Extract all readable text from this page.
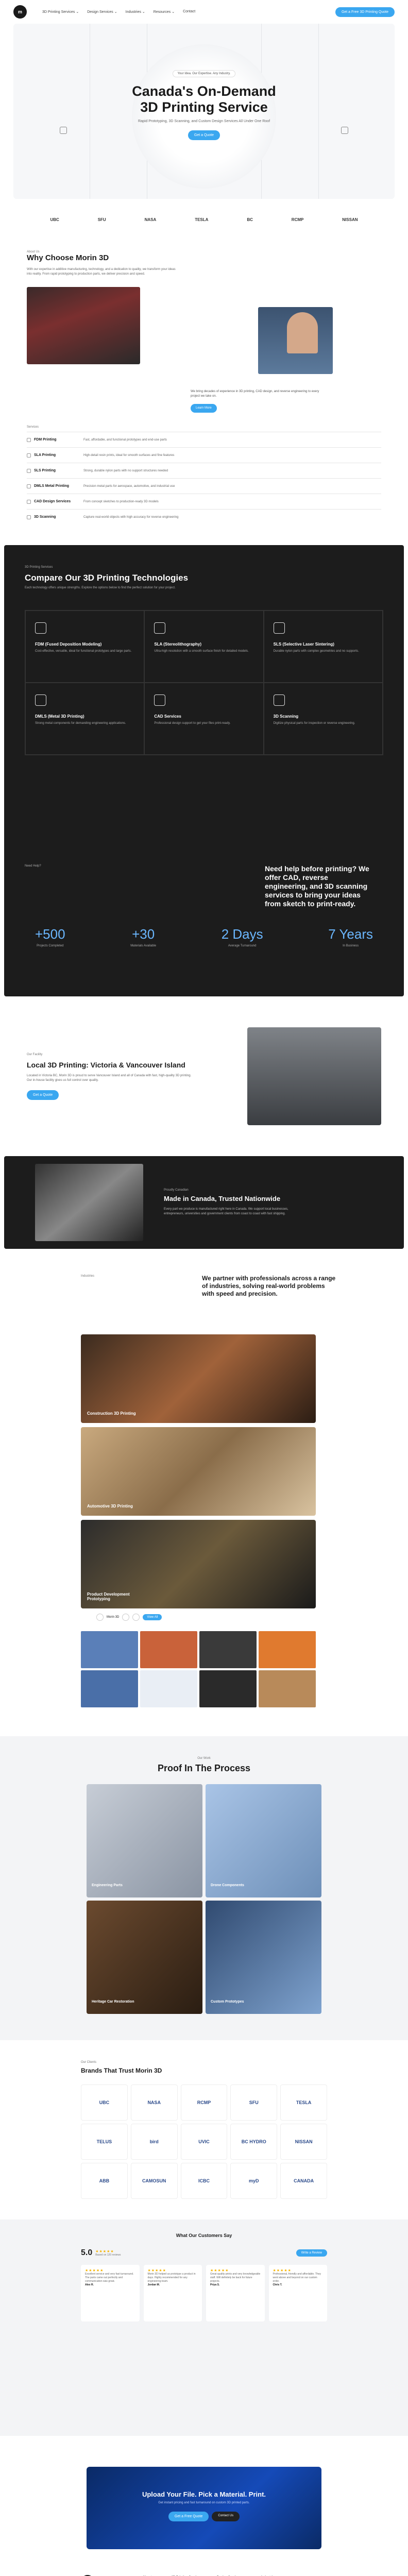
m	3D Printing Services ⌄ Design Services ⌄ Industries ⌄ Resources ⌄ Contact	Get a Free 3D Printing Quote
Your Idea. Our Expertise. Any Industry.
Canada's On-Demand
3D Printing Service

Rapid Prototyping, 3D Scanning, and Custom Design Services All Under One Roof

Get a Quote
UBC	SFU	NASA	TESLA	BC	RCMP	NISSAN
About Us
Why Choose Morin 3D

With our expertise in additive manufacturing, technology, and a dedication to quality, we transform your ideas into reality. From rapid prototyping to production parts, we deliver precision and speed.

We bring decades of experience in 3D printing, CAD design, and reverse engineering to every project we take on.
Learn More
Services
FDM Printing	Fast, affordable, and functional prototypes and end-use parts
SLA Printing	High-detail resin prints, ideal for smooth surfaces and fine features
SLS Printing	Strong, durable nylon parts with no support structures needed
DMLS Metal Printing	Precision metal parts for aerospace, automotive, and industrial use
CAD Design Services	From concept sketches to production-ready 3D models
3D Scanning	Capture real-world objects with high accuracy for reverse engineering
3D Printing Services
Compare Our 3D Printing Technologies

Each technology offers unique strengths. Explore the options below to find the perfect solution for your project.

FDM (Fused Deposition Modeling)
Cost-effective, versatile, ideal for functional prototypes and large parts.
SLA (Stereolithography)
Ultra-high resolution with a smooth surface finish for detailed models.
SLS (Selective Laser Sintering)
Durable nylon parts with complex geometries and no supports.
DMLS (Metal 3D Printing)
Strong metal components for demanding engineering applications.
CAD Services
Professional design support to get your files print-ready.
3D Scanning
Digitize physical parts for inspection or reverse engineering.
Need Help?	Need help before printing? We offer CAD, reverse engineering, and 3D scanning services to bring your ideas from sketch to print-ready.
+500
Projects Completed
+30
Materials Available
2 Days
Average Turnaround
7 Years
In Business
Our Facility
Local 3D Printing: Victoria & Vancouver Island

Located in Victoria BC, Morin 3D is proud to serve Vancouver Island and all of Canada with fast, high-quality 3D printing. Our in-house facility gives us full control over quality.

Get a Quote
Proudly Canadian
Made in Canada, Trusted Nationwide

Every part we produce is manufactured right here in Canada. We support local businesses, entrepreneurs, universities and government clients from coast to coast with fast shipping.

Industries	We partner with professionals across a range of industries, solving real-world problems with speed and precision.
Construction 3D Printing
Automotive 3D Printing
Product Development Prototyping
Morin 3D	View All
Our Work
Proof In The Process
Engineering Parts	Drone Components
Heritage Car Restoration	Custom Prototypes
Our Clients
Brands That Trust Morin 3D
UBC	NASA	RCMP	SFU	TESLA
TELUS	bird	UVIC	BC HYDRO	NISSAN
ABB	CAMOSUN	ICBC	myD	CANADA
What Our Customers Say
5.0 ★★★★★
Based on 120 reviews
Write a Review
★★★★★

Excellent service and very fast turnaround. The parts came out perfectly and communication was great.

Alex R.
★★★★★

Morin 3D helped us prototype a product in days. Highly recommended for any engineering team.

Jordan M.
★★★★★

Great quality prints and very knowledgeable staff. Will definitely be back for future projects.

Priya S.
★★★★★

Professional, friendly and affordable. They went above and beyond on our custom order.

Chris T.
Upload Your File. Pick a Material. Print.

Get instant pricing and fast turnaround on custom 3D printed parts.

Get a Free Quote	Contact Us
